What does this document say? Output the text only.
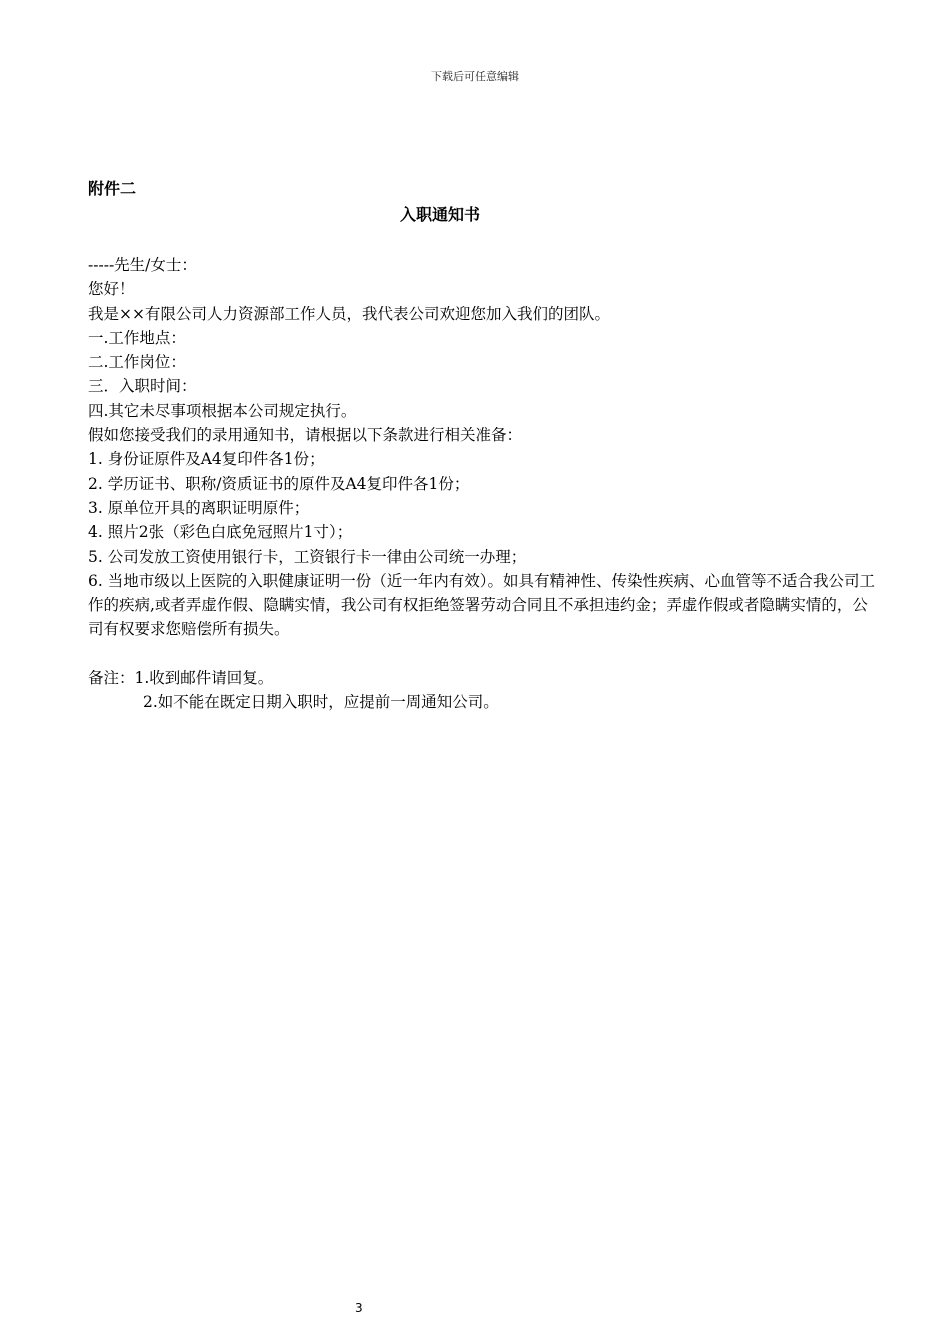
下载后可任意编辑
附件二
入职通知书
-----先生/女士：
您好！
我是××有限公司人力资源部工作人员，我代表公司欢迎您加入我们的团队。
一.工作地点：
二.工作岗位：
三．入职时间：
四.其它未尽事项根据本公司规定执行。
假如您接受我们的录用通知书，请根据以下条款进行相关准备：
1. 身份证原件及A4复印件各1份；
2. 学历证书、职称/资质证书的原件及A4复印件各1份；
3. 原单位开具的离职证明原件；
4. 照片2张（彩色白底免冠照片1寸）；
5. 公司发放工资使用银行卡，工资银行卡一律由公司统一办理；
6. 当地市级以上医院的入职健康证明一份（近一年内有效）。如具有精神性、传染性疾病、心血管等不适合我公司工作的疾病,或者弄虚作假、隐瞒实情，我公司有权拒绝签署劳动合同且不承担违约金；弄虚作假或者隐瞒实情的，公司有权要求您赔偿所有损失。
备注：1.收到邮件请回复。
2.如不能在既定日期入职时，应提前一周通知公司。
3
